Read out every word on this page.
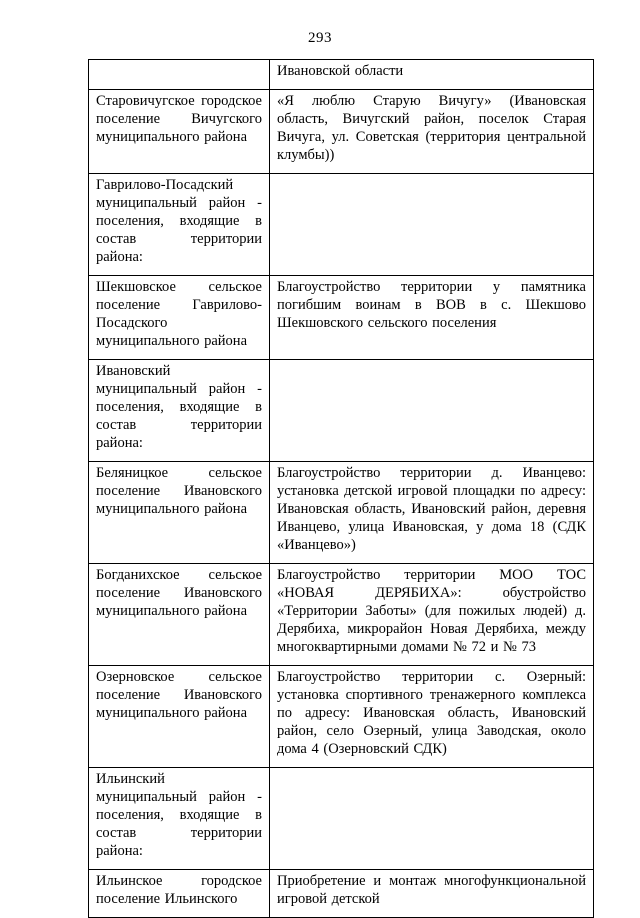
293
	Ивановской области
Старовичугское городское поселение Вичугского муниципального района	«Я люблю Старую Вичугу» (Ивановская область, Вичугский район, поселок Старая Вичуга, ул. Советская (территория центральной клумбы))
Гаврилово-Посадский муниципальный район - поселения, входящие в состав территории района:	
Шекшовское сельское поселение Гаврилово-Посадского муниципального района	Благоустройство территории у памятника погибшим воинам в ВОВ в с. Шекшово Шекшовского сельского поселения
Ивановский муниципальный район - поселения, входящие в состав территории района:	
Беляницкое сельское поселение Ивановского муниципального района	Благоустройство территории д. Иванцево: установка детской игровой площадки по адресу: Ивановская область, Ивановский район, деревня Иванцево, улица Ивановская, у дома 18 (СДК «Иванцево»)
Богданихское сельское поселение Ивановского муниципального района	Благоустройство территории МОО ТОС «НОВАЯ ДЕРЯБИХА»: обустройство «Территории Заботы» (для пожилых людей) д. Дерябиха, микрорайон Новая Дерябиха, между многоквартирными домами № 72 и № 73
Озерновское сельское поселение Ивановского муниципального района	Благоустройство территории с. Озерный: установка спортивного тренажерного комплекса по адресу: Ивановская область, Ивановский район, село Озерный, улица Заводская, около дома 4 (Озерновский СДК)
Ильинский муниципальный район - поселения, входящие в состав территории района:	
Ильинское городское поселение Ильинского	Приобретение и монтаж многофункциональной игровой детской
